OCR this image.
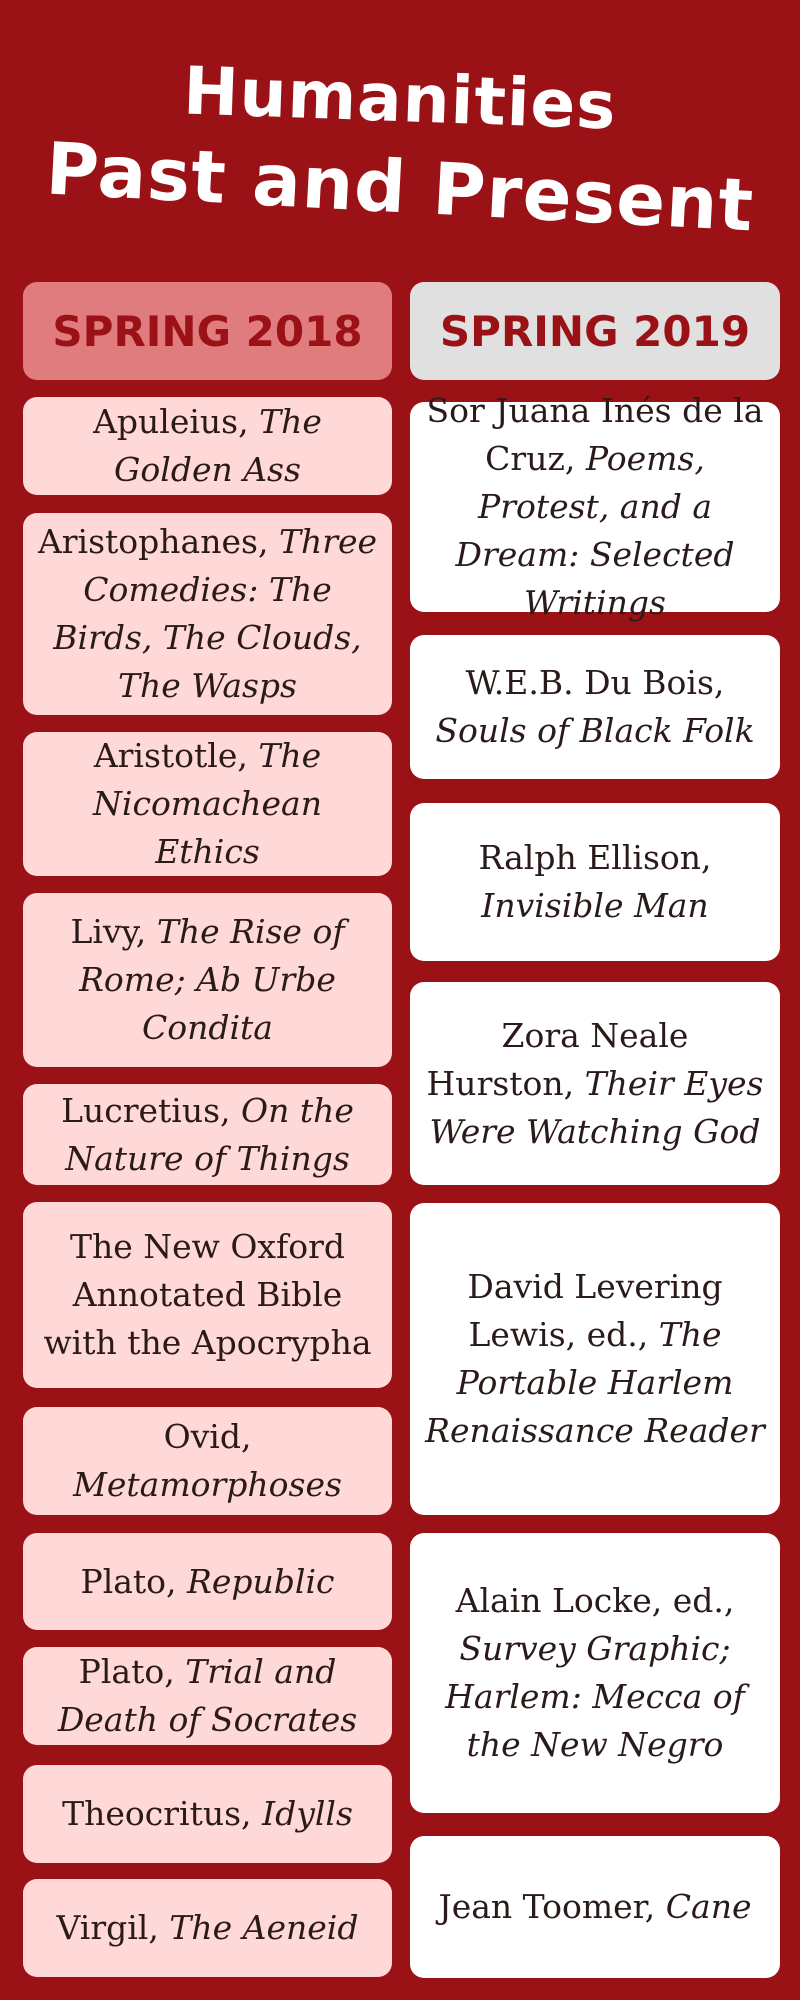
Humanities
Past and Present
SPRING 2018	SPRING 2019
Apuleius, The Golden Ass
Aristophanes, Three Comedies: The Birds, The Clouds, The Wasps
Aristotle, The Nicomachean Ethics
Livy, The Rise of Rome; Ab Urbe Condita
Lucretius, On the Nature of Things
The New Oxford Annotated Bible with the Apocrypha
Ovid, Metamorphoses
Plato, Republic
Plato, Trial and Death of Socrates
Theocritus, Idylls
Virgil, The Aeneid
Sor Juana Inés de la Cruz, Poems, Protest, and a Dream: Selected Writings
W.E.B. Du Bois, Souls of Black Folk
Ralph Ellison, Invisible Man
Zora Neale Hurston, Their Eyes Were Watching God
David Levering Lewis, ed., The Portable Harlem Renaissance Reader
Alain Locke, ed., Survey Graphic; Harlem: Mecca of the New Negro
Jean Toomer, Cane
